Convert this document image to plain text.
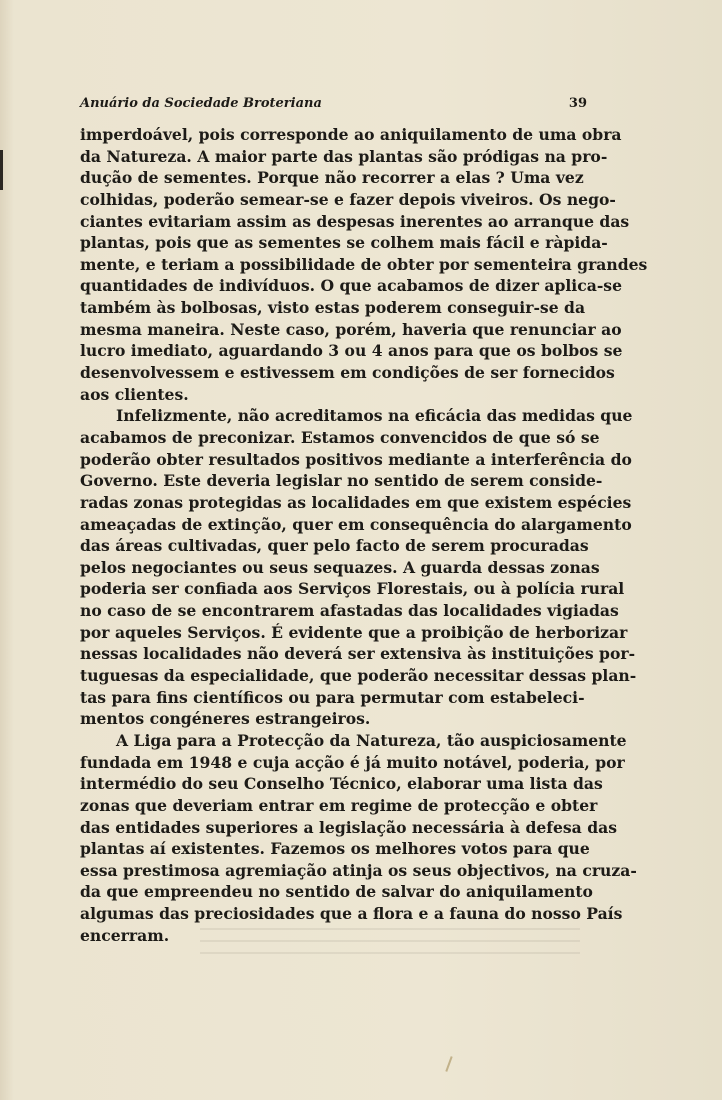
Anuário da Sociedade Broteriana	39
imperdoável, pois corresponde ao aniquilamento de uma obra
da Natureza. A maior parte das plantas são pródigas na pro-
dução de sementes. Porque não recorrer a elas ? Uma vez
colhidas, poderão semear-se e fazer depois viveiros. Os nego-
ciantes evitariam assim as despesas inerentes ao arranque das
plantas, pois que as sementes se colhem mais fácil e ràpida-
mente, e teriam a possibilidade de obter por sementeira grandes
quantidades de indivíduos. O que acabamos de dizer aplica-se
também às bolbosas, visto estas poderem conseguir-se da
mesma maneira. Neste caso, porém, haveria que renunciar ao
lucro imediato, aguardando 3 ou 4 anos para que os bolbos se
desenvolvessem e estivessem em condições de ser fornecidos
aos clientes.
Infelizmente, não acreditamos na eficácia das medidas que
acabamos de preconizar. Estamos convencidos de que só se
poderão obter resultados positivos mediante a interferência do
Governo. Este deveria legislar no sentido de serem conside-
radas zonas protegidas as localidades em que existem espécies
ameaçadas de extinção, quer em consequência do alargamento
das áreas cultivadas, quer pelo facto de serem procuradas
pelos negociantes ou seus sequazes. A guarda dessas zonas
poderia ser confiada aos Serviços Florestais, ou à polícia rural
no caso de se encontrarem afastadas das localidades vigiadas
por aqueles Serviços. É evidente que a proibição de herborizar
nessas localidades não deverá ser extensiva às instituições por-
tuguesas da especialidade, que poderão necessitar dessas plan-
tas para fins científicos ou para permutar com estabeleci-
mentos congéneres estrangeiros.
A Liga para a Protecção da Natureza, tão auspiciosamente
fundada em 1948 e cuja acção é já muito notável, poderia, por
intermédio do seu Conselho Técnico, elaborar uma lista das
zonas que deveriam entrar em regime de protecção e obter
das entidades superiores a legislação necessária à defesa das
plantas aí existentes. Fazemos os melhores votos para que
essa prestimosa agremiação atinja os seus objectivos, na cruza-
da que empreendeu no sentido de salvar do aniquilamento
algumas das preciosidades que a flora e a fauna do nosso País
encerram.
